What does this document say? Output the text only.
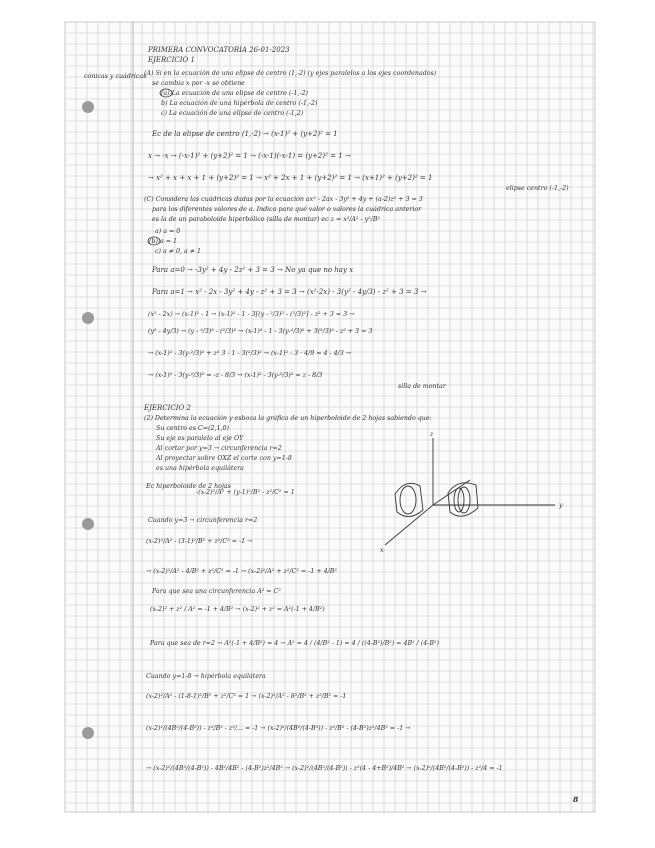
cónicas y cuádricas
PRIMERA CONVOCATORIA 26-01-2023
EJERCICIO 1
(A) Si en la ecuación de una elipse de centro (1,-2) (y ejes paralelos a los ejes coordenados)
se cambia x por -x se obtiene
(a) La ecuación de una elipse de centro (-1,-2)
b) La ecuación de una hipérbola de centro (-1,-2)
c) La ecuación de una elipse de centro (-1,2)
Ec de la elipse de centro (1,-2) → (x-1)² + (y+2)² = 1
x → -x → (-x-1)² + (y+2)² = 1 → (-x-1)(-x-1) = (y+2)² = 1 →
→ x² + x + x + 1 + (y+2)² = 1 → x² + 2x + 1 + (y+2)² = 1 → (x+1)² + (y+2)² = 1
elipse centro (-1,-2)
(C) Considera las cuádricas dadas por la ecuación ax² - 2ax - 3y² + 4y + (a-2)z² + 3 = 3
para los diferentes valores de a. Indica para qué valor o valores la cuádrica anterior
es la de un paraboloide hiperbólico (silla de montar) ec z = x²/A² - y²/B²
a) a = 0
(b) a = 1
c) a ≠ 0, a ≠ 1
Para a=0 → -3y² + 4y - 2z² + 3 = 3 → No ya que no hay x
Para a=1 → x² - 2x - 3y² + 4y - z² + 3 = 3 → (x²-2x) - 3(y² - 4y/3) - z² + 3 = 3 →
(x² - 2x) → (x-1)² - 1 → (x-1)² - 1 - 3[(y - ²/3)² - (²/3)²] - z² + 3 = 3 →
(y² - 4y/3) → (y - ²/3)² - (²/3)² → (x-1)² - 1 - 3(y-²/3)² + 3(²/3)² - z² + 3 = 3
→ (x-1)² - 3(y-²/3)² + z² 3 - 1 - 3(²/3)² → (x-1)² - 3 · 4/9 = 4 - 4/3 →
→ (x-1)² - 3(y-²/3)² = -z - 8/3 → (x-1)² - 3(y-²/3)² = z - 8/3
silla de montar
EJERCICIO 2
(2) Determina la ecuación y esboza la gráfica de un hiperboloide de 2 hojas sabiendo que:
Su centro es C=(2,1,0)
Su eje es paralelo al eje OY
Al cortar por y=3 → circunferencia r=2
Al proyectar sobre OXZ el corte con y=1-8
es una hipérbola equilátera
Ec hiperboloide de 2 hojas
-(x-2)²/A² + (y-1)²/B² - z²/C² = 1
z
y
x
Cuando y=3 → circunferencia r=2
(x-2)²/A² - (3-1)²/B² + z²/C² = -1 →
→ (x-2)²/A² - 4/B² + z²/C² = -1 → (x-2)²/A² + z²/C² = -1 + 4/B²
Para que sea una circunferencia A² = C²
(x-2)² + z² / A² = -1 + 4/B² → (x-2)² + z² = A²(-1 + 4/B²)
Para que sea de r=2 → A²(-1 + 4/B²) = 4 → A² = 4 / (4/B² - 1) = 4 / ((4-B²)/B²) = 4B² / (4-B²)
Cuando y=1-8 → hipérbola equilátera
(x-2)²/A² - (1-8-1)²/B² + z²/C² = 1 → (x-2)²/A² - 8²/B² + z²/B² = -1
(x-2)²/(4B²/(4-B²)) - z²/B² - z²/... = -1 → (x-2)²/(4B²/(4-B²)) - z²/B² - (4-B²)z²/4B² = -1 →
→ (x-2)²/(4B²/(4-B²)) - 4B²/4B² - (4-B²)z²/4B² → (x-2)²/(4B²/(4-B²)) - z²(4 - 4+B²)/4B² → (x-2)²/(4B²/(4-B²)) - z²/4 = -1
8
